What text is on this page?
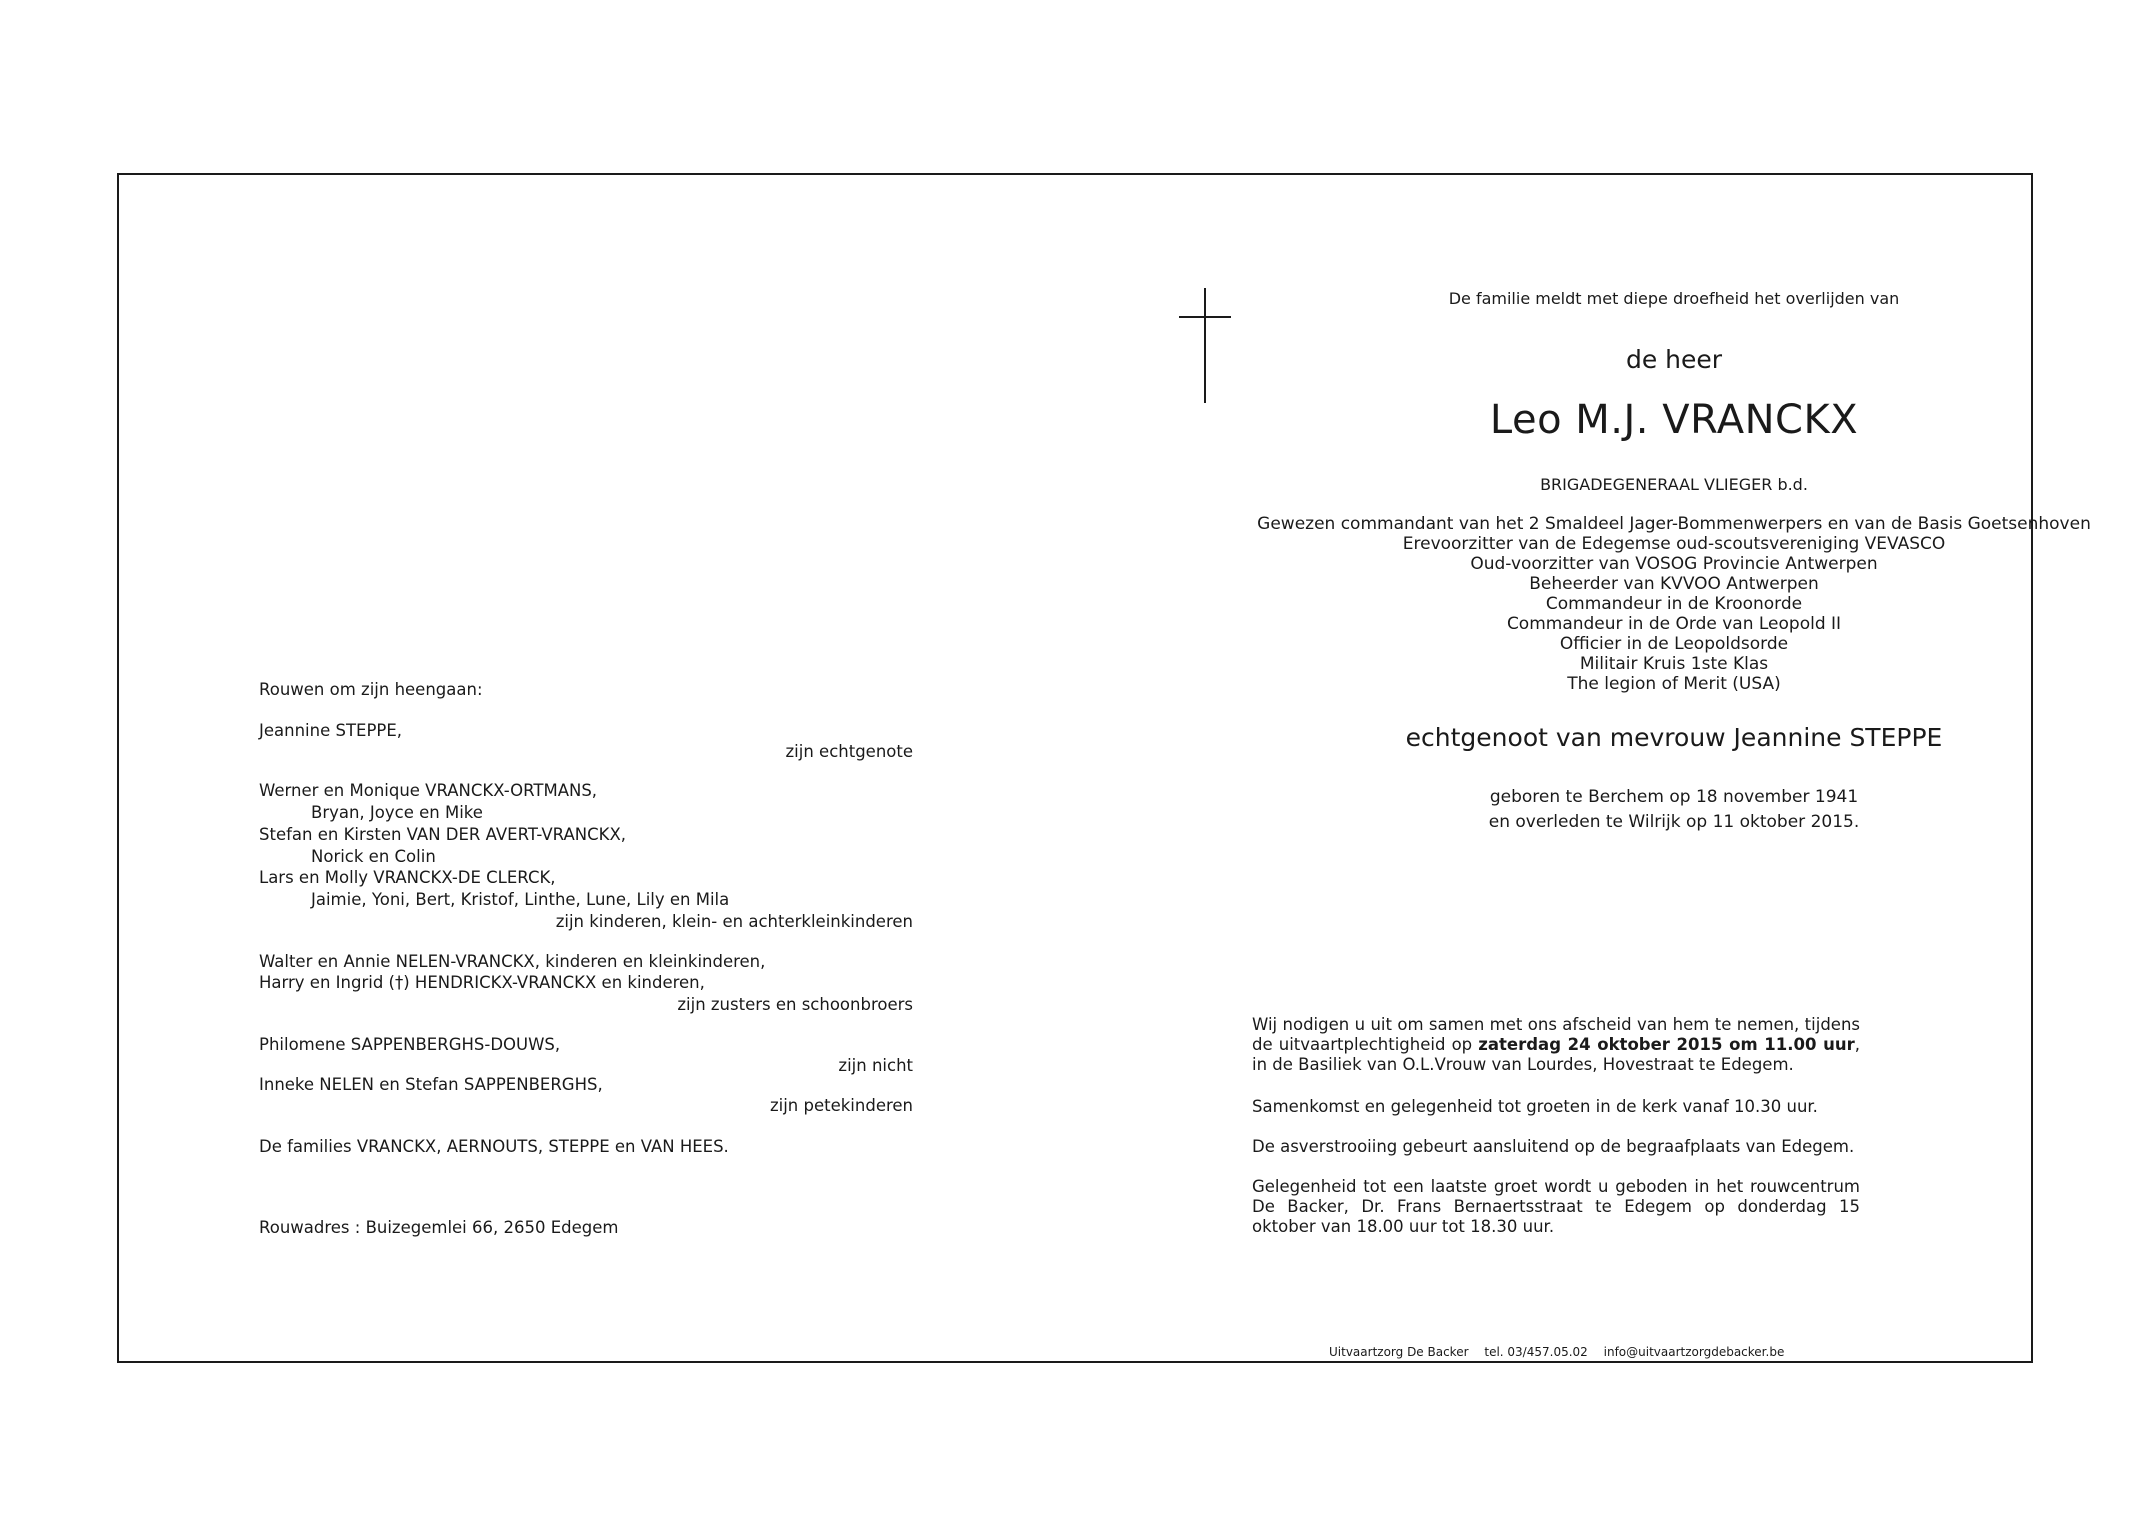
Rouwen om zijn heengaan:
Jeannine STEPPE,
zijn echtgenote
Werner en Monique VRANCKX-ORTMANS,
Bryan, Joyce en Mike
Stefan en Kirsten VAN DER AVERT-VRANCKX,
Norick en Colin
Lars en Molly VRANCKX-DE CLERCK,
Jaimie, Yoni, Bert, Kristof, Linthe, Lune, Lily en Mila
zijn kinderen, klein- en achterkleinkinderen
Walter en Annie NELEN-VRANCKX, kinderen en kleinkinderen,
Harry en Ingrid (†) HENDRICKX-VRANCKX en kinderen,
zijn zusters en schoonbroers
Philomene SAPPENBERGHS-DOUWS,
zijn nicht
Inneke NELEN en Stefan SAPPENBERGHS,
zijn petekinderen
De families VRANCKX, AERNOUTS, STEPPE en VAN HEES.
Rouwadres : Buizegemlei 66, 2650 Edegem
De familie meldt met diepe droefheid het overlijden van
de heer
Leo M.J. VRANCKX
BRIGADEGENERAAL VLIEGER b.d.
Gewezen commandant van het 2 Smaldeel Jager-Bommenwerpers en van de Basis Goetsenhoven
Erevoorzitter van de Edegemse oud-scoutsvereniging VEVASCO
Oud-voorzitter van VOSOG Provincie Antwerpen
Beheerder van KVVOO Antwerpen
Commandeur in de Kroonorde
Commandeur in de Orde van Leopold II
Officier in de Leopoldsorde
Militair Kruis 1ste Klas
The legion of Merit (USA)
echtgenoot van mevrouw Jeannine STEPPE
geboren te Berchem op 18 november 1941
en overleden te Wilrijk op 11 oktober 2015.
Wij nodigen u uit om samen met ons afscheid van hem te nemen, tijdens de uitvaartplechtigheid op zaterdag 24 oktober 2015 om 11.00 uur, in de Basiliek van O.L.Vrouw van Lourdes, Hovestraat te Edegem.
Samenkomst en gelegenheid tot groeten in de kerk vanaf 10.30 uur.
De asverstrooiing gebeurt aansluitend op de begraafplaats van Edegem.
Gelegenheid tot een laatste groet wordt u geboden in het rouwcentrum De Backer, Dr. Frans Bernaertsstraat te Edegem op donderdag 15 oktober van 18.00 uur tot 18.30 uur.
Uitvaartzorg De Backer tel. 03/457.05.02 info@uitvaartzorgdebacker.be
